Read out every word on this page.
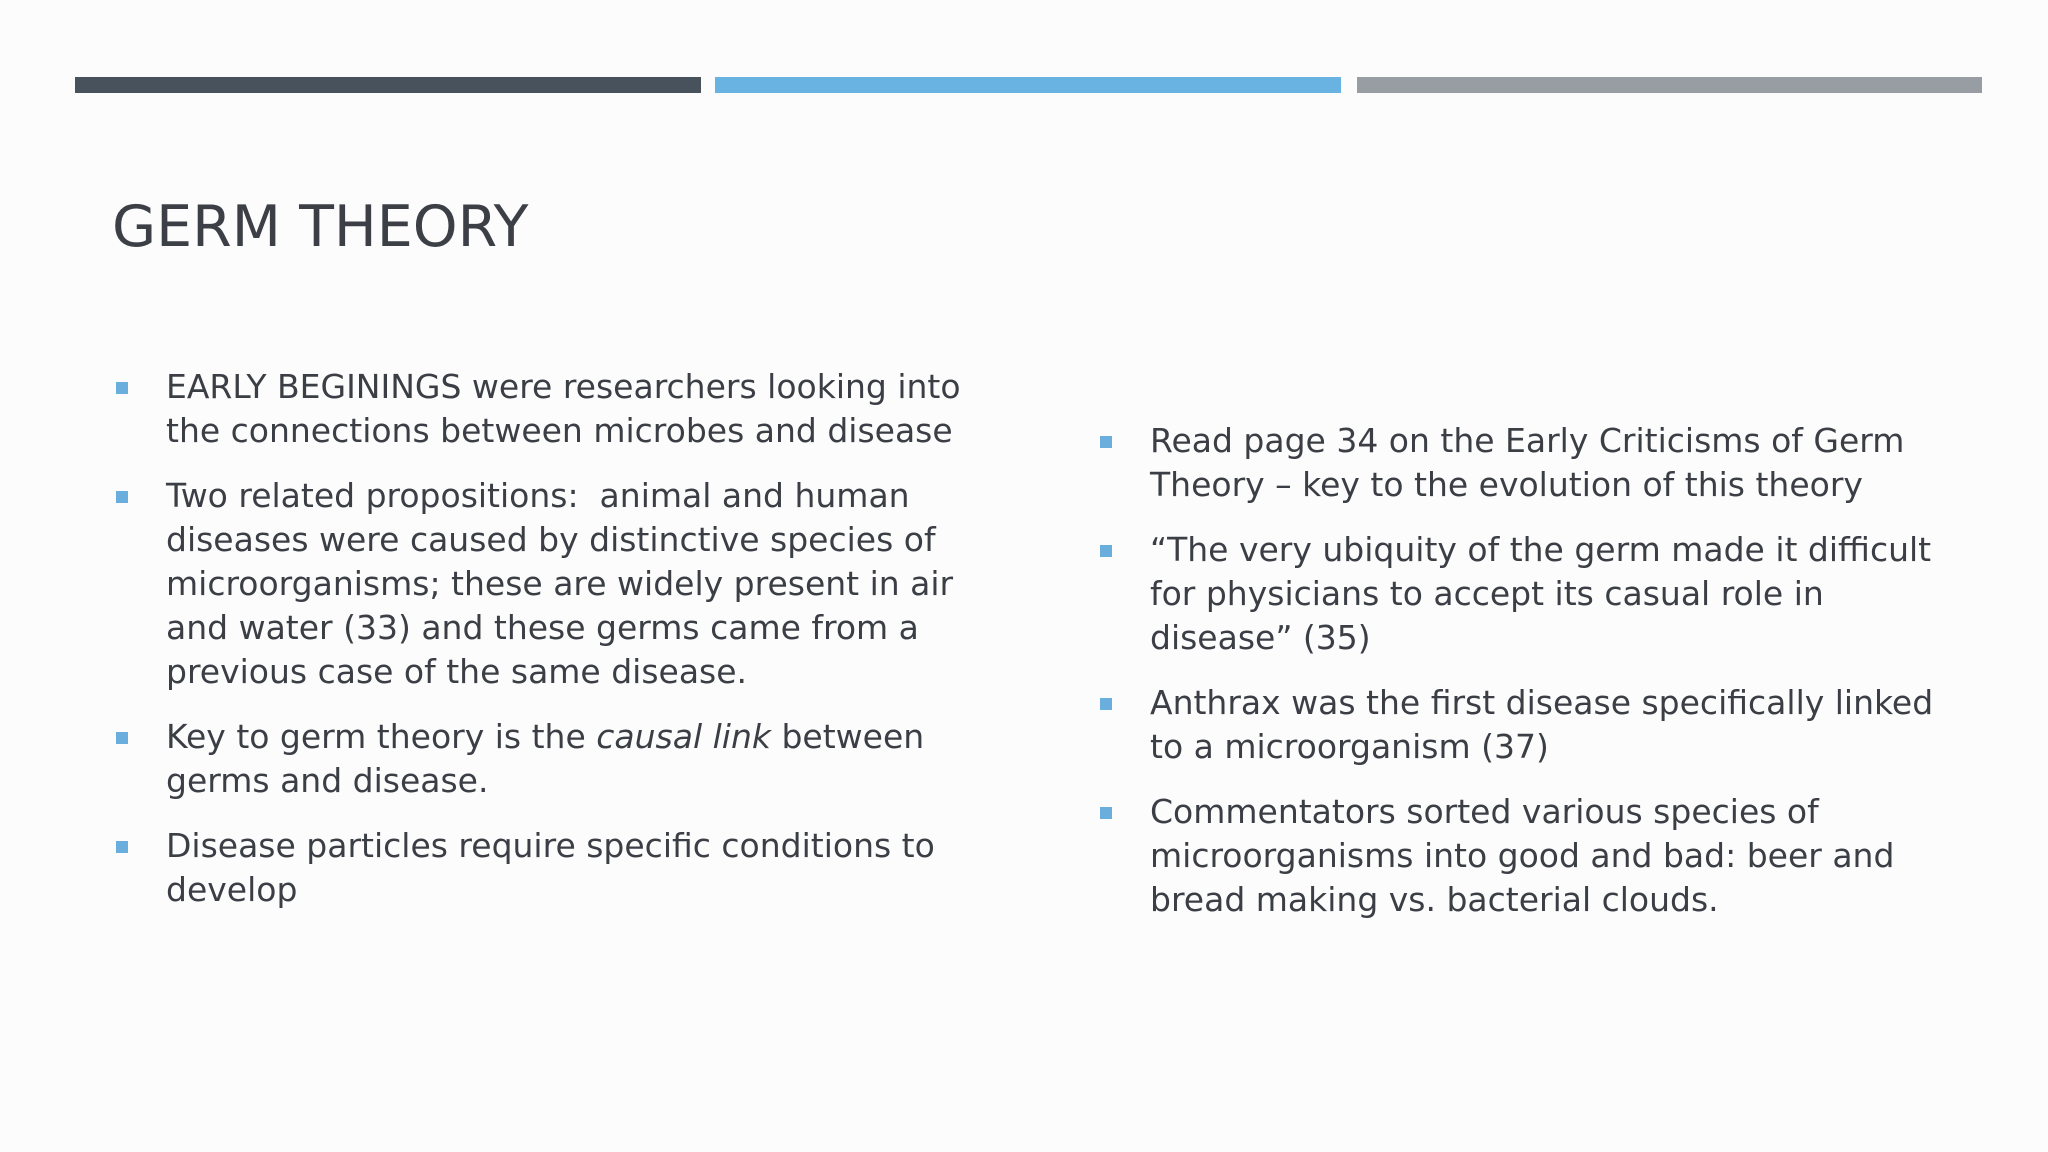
GERM THEORY
EARLY BEGININGS were researchers looking into the connections between microbes and disease
Two related propositions:  animal and human diseases were caused by distinctive species of microorganisms; these are widely present in air and water (33) and these germs came from a previous case of the same disease.
Key to germ theory is the causal link between germs and disease.
Disease particles require specific conditions to develop
Read page 34 on the Early Criticisms of Germ Theory – key to the evolution of this theory
“The very ubiquity of the germ made it difficult for physicians to accept its casual role in disease” (35)
Anthrax was the first disease specifically linked to a microorganism (37)
Commentators sorted various species of microorganisms into good and bad: beer and bread making vs. bacterial clouds.
